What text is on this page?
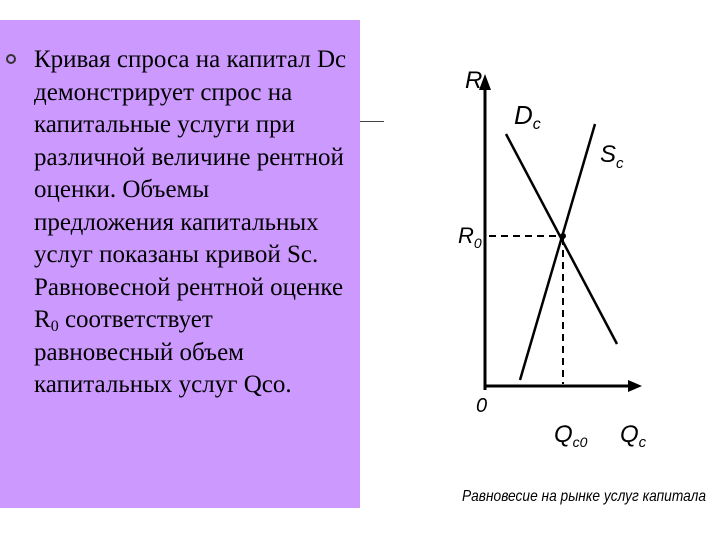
Кривая спроса на капитал Dc демонстрирует спрос на капитальные услуги при различной величине рентной оценки. Объемы предложения капитальных услуг показаны кривой Sc. Равновесной рентной оценке $R_0$ соответствует равновесный объем капитальных услуг Qco.

R
0
Dc
$S_c$
$R_0$
$Q_{c0}$ $Q_c$
Равновесие на рынке услуг капитала
